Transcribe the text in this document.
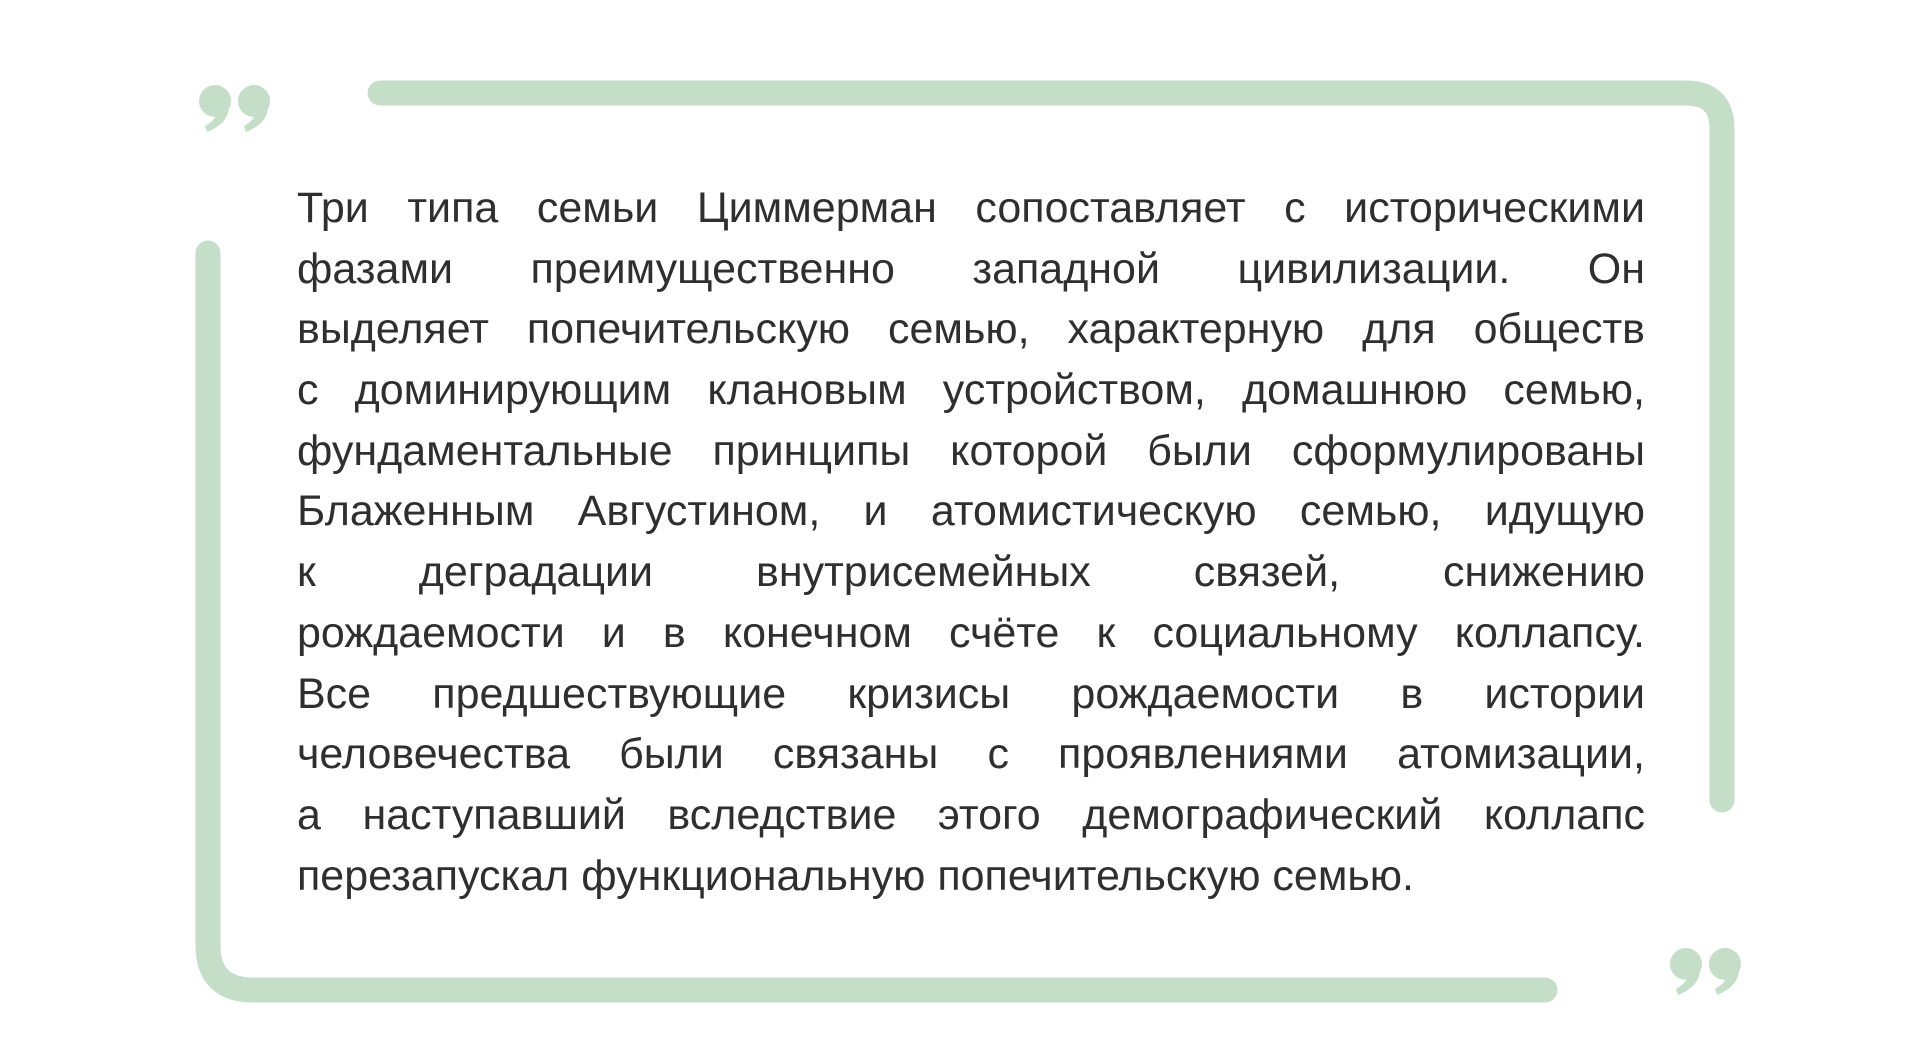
Три типа семьи Циммерман сопоставляет с историческими
фазами преимущественно западной цивилизации. Он
выделяет попечительскую семью, характерную для обществ
с доминирующим клановым устройством, домашнюю семью,
фундаментальные принципы которой были сформулированы
Блаженным Августином, и атомистическую семью, идущую
к деградации внутрисемейных связей, снижению
рождаемости и в конечном счёте к социальному коллапсу.
Все предшествующие кризисы рождаемости в истории
человечества были связаны с проявлениями атомизации,
а наступавший вследствие этого демографический коллапс
перезапускал функциональную попечительскую семью.
